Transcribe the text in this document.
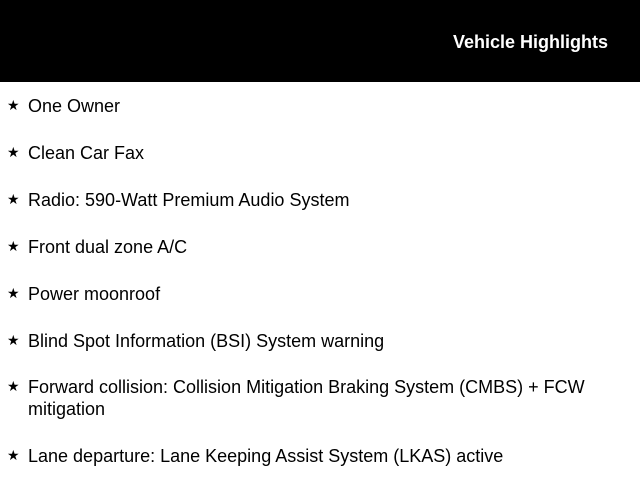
Vehicle Highlights
★ One Owner
★ Clean Car Fax
★ Radio: 590-Watt Premium Audio System
★ Front dual zone A/C
★ Power moonroof
★ Blind Spot Information (BSI) System warning
★ Forward collision: Collision Mitigation Braking System (CMBS) + FCW mitigation
★ Lane departure: Lane Keeping Assist System (LKAS) active
